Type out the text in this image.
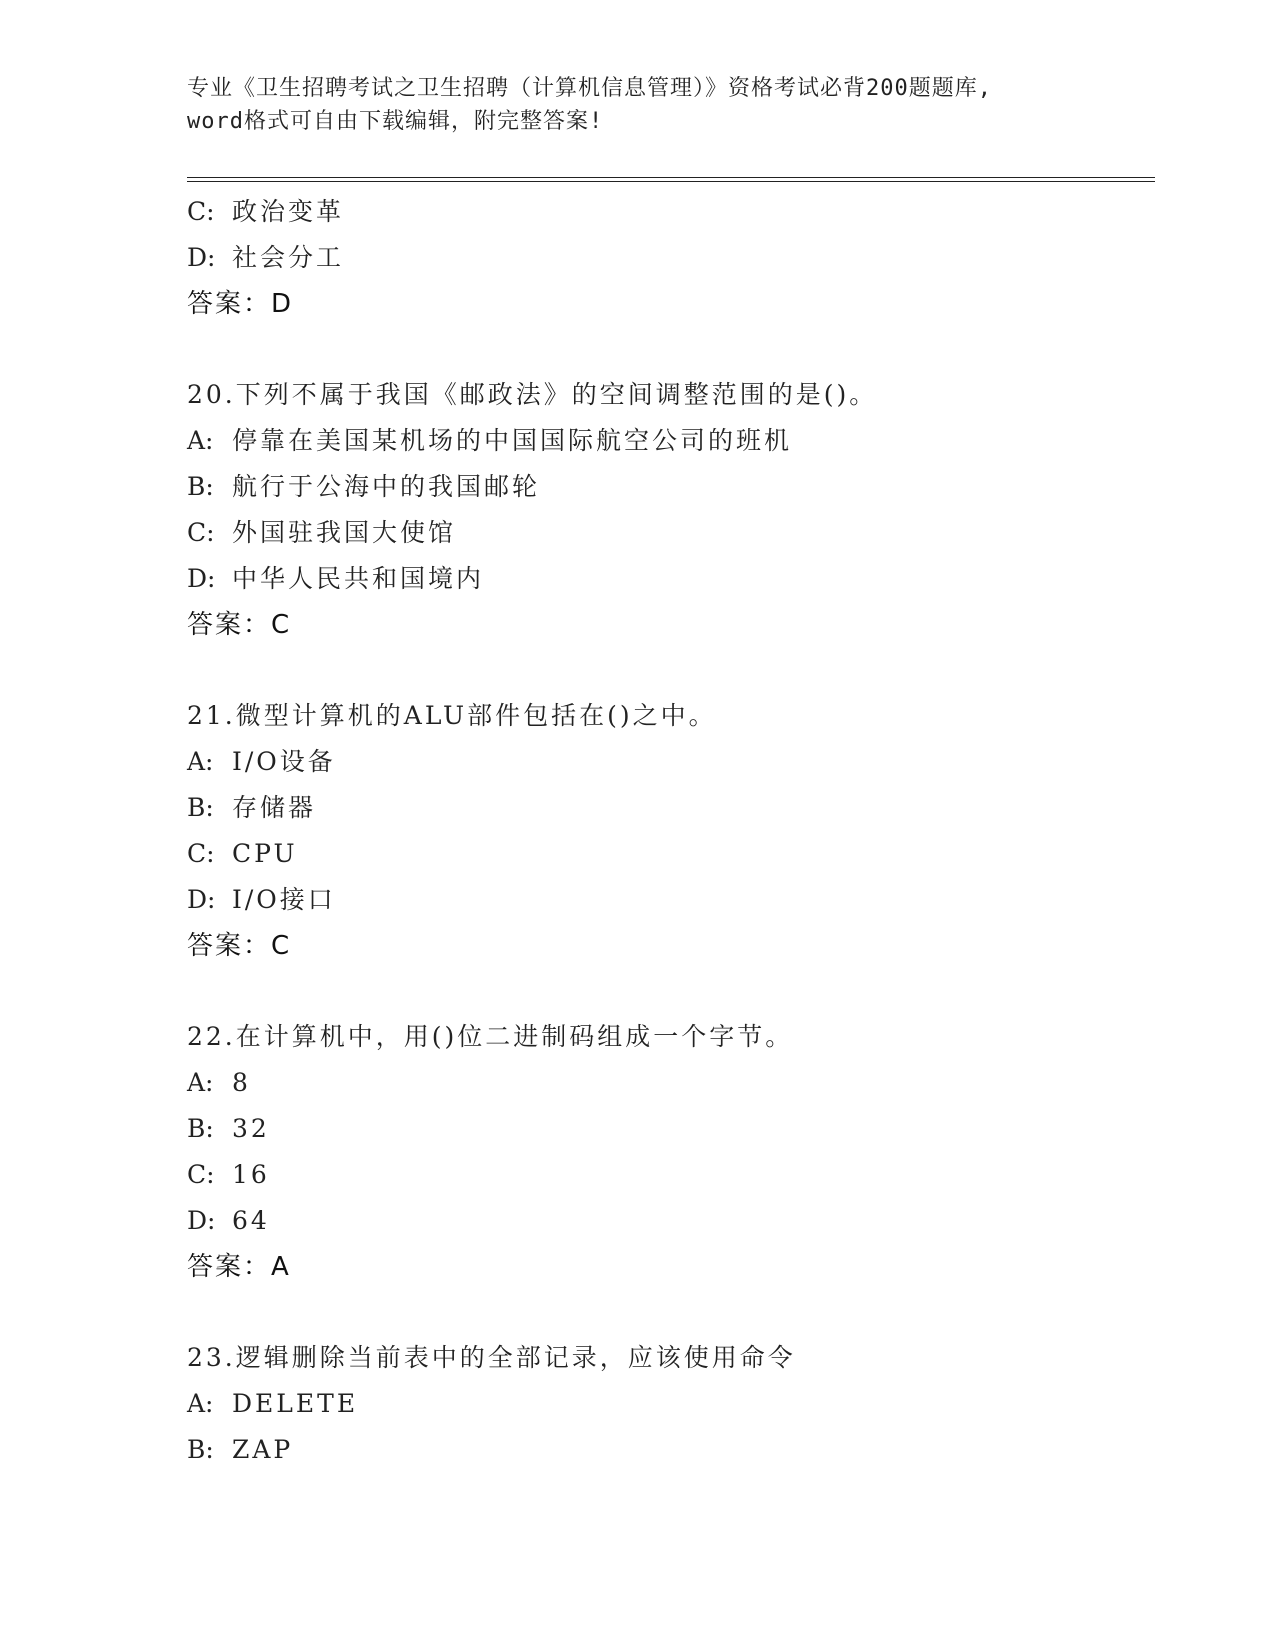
专业《卫生招聘考试之卫生招聘（计算机信息管理）》资格考试必背200题题库,
word格式可自由下载编辑，附完整答案!
C: 政治变革
D: 社会分工
答案：D
20.下列不属于我国《邮政法》的空间调整范围的是()。
A: 停靠在美国某机场的中国国际航空公司的班机
B: 航行于公海中的我国邮轮
C: 外国驻我国大使馆
D: 中华人民共和国境内
答案：C
21.微型计算机的ALU部件包括在()之中。
A: I/O设备
B: 存储器
C: CPU
D: I/O接口
答案：C
22.在计算机中，用()位二进制码组成一个字节。
A: 8
B: 32
C: 16
D: 64
答案：A
23.逻辑删除当前表中的全部记录，应该使用命令
A: DELETE
B: ZAP
